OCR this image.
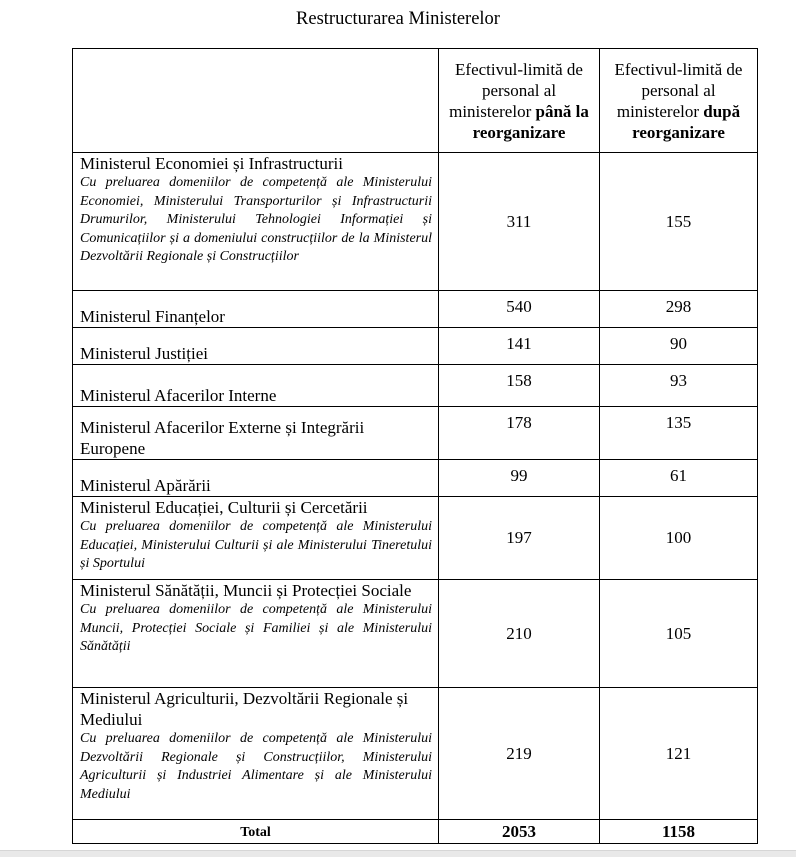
Restructurarea Ministerelor
	Efectivul-limită de personal al ministerelor până la reorganizare	Efectivul-limită de personal al ministerelor după reorganizare

Ministerul Economiei și Infrastructurii
Cu preluarea domeniilor de competență ale Ministerului Economiei, Ministerului Transporturilor și Infrastructurii Drumurilor, Ministerului Tehnologiei Informației și Comunicațiilor și a domeniului construcțiilor de la Ministerul Dezvoltării Regionale și Construcțiilor	311	155

Ministerul Finanțelor	540	298

Ministerul Justiției	141	90

Ministerul Afacerilor Interne	158	93

Ministerul Afacerilor Externe și Integrării Europene	178	135

Ministerul Apărării	99	61

Ministerul Educației, Culturii și Cercetării
Cu preluarea domeniilor de competență ale Ministerului Educației, Ministerului Culturii și ale Ministerului Tineretului și Sportului	197	100

Ministerul Sănătății, Muncii și Protecției Sociale
Cu preluarea domeniilor de competență ale Ministerului Muncii, Protecției Sociale și Familiei și ale Ministerului Sănătății	210	105

Ministerul Agriculturii, Dezvoltării Regionale și Mediului
Cu preluarea domeniilor de competență ale Ministerului Dezvoltării Regionale și Construcțiilor, Ministerului Agriculturii și Industriei Alimentare și ale Ministerului Mediului	219	121
Total	2053	1158
